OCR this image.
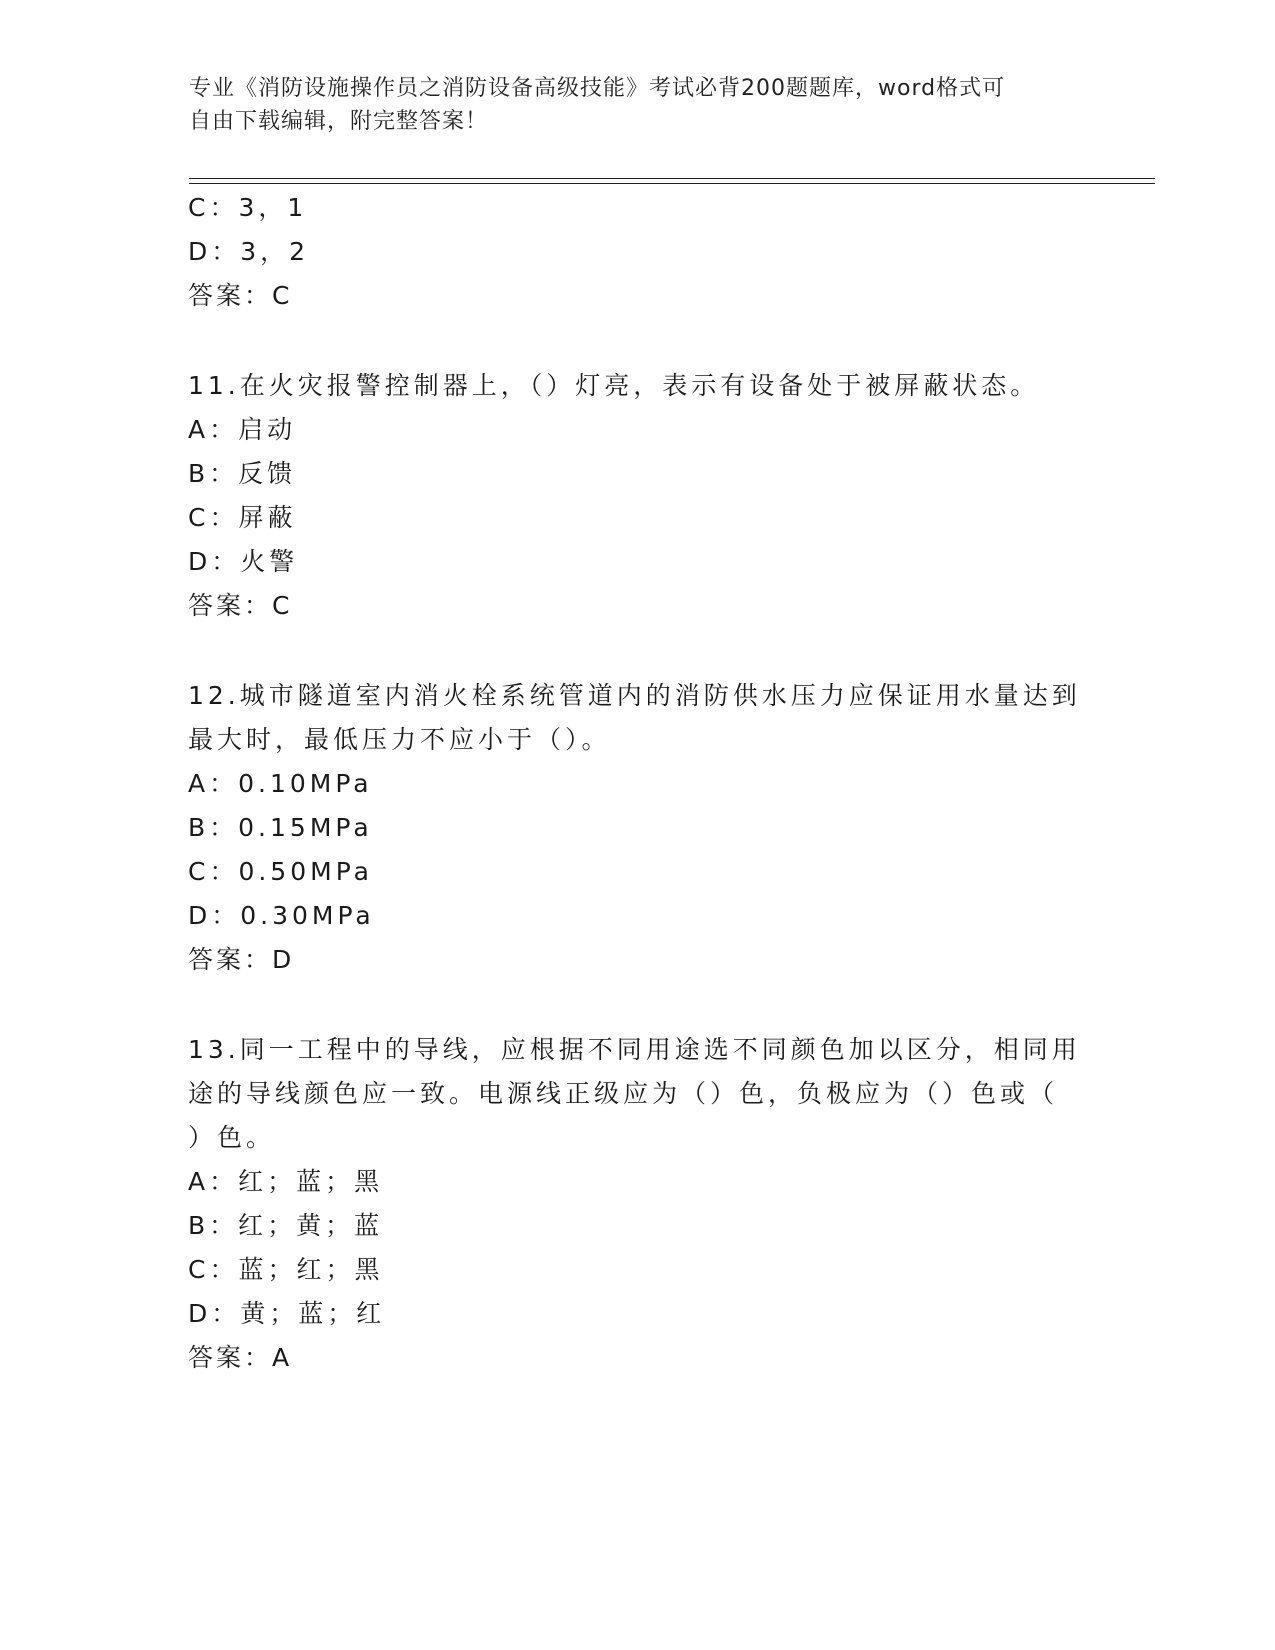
专业《消防设施操作员之消防设备高级技能》考试必背200题题库，word格式可
自由下载编辑，附完整答案！
C：3，1
D：3，2
答案：C
11.在火灾报警控制器上，（）灯亮，表示有设备处于被屏蔽状态。
A：启动
B：反馈
C：屏蔽
D：火警
答案：C
12.城市隧道室内消火栓系统管道内的消防供水压力应保证用水量达到
最大时，最低压力不应小于（）。
A：0.10MPa
B：0.15MPa
C：0.50MPa
D：0.30MPa
答案：D
13.同一工程中的导线，应根据不同用途选不同颜色加以区分，相同用
途的导线颜色应一致。电源线正级应为（）色，负极应为（）色或（
）色。
A：红；蓝；黑
B：红；黄；蓝
C：蓝；红；黑
D：黄；蓝；红
答案：A
